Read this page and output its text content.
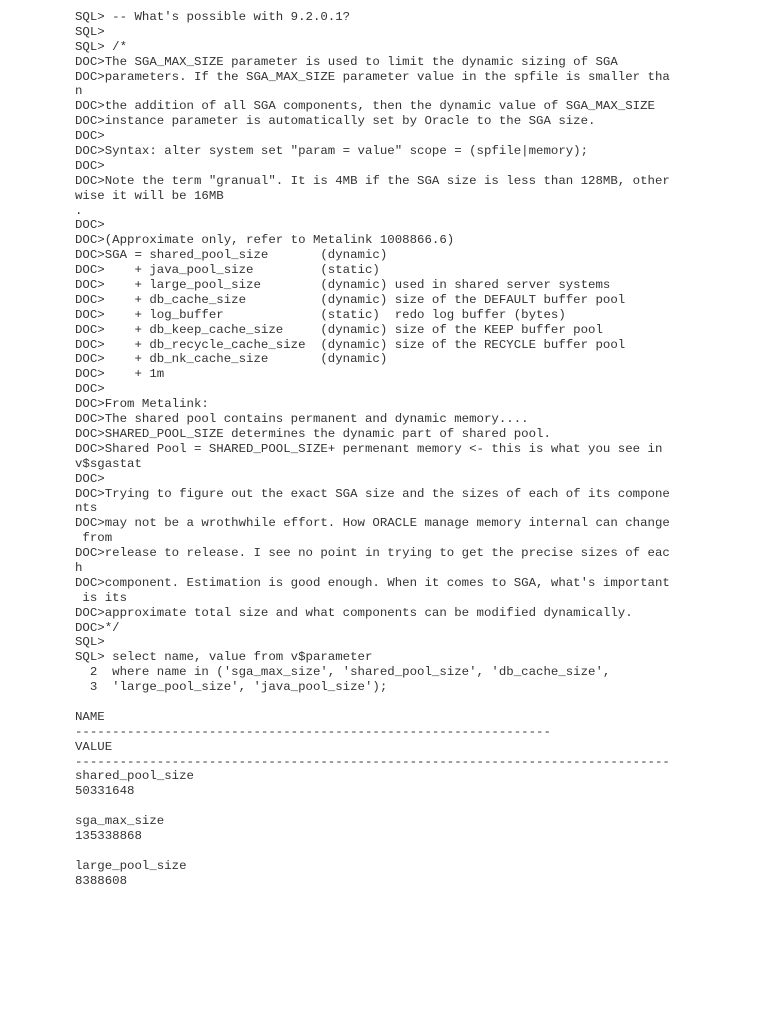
SQL> -- What's possible with 9.2.0.1?
SQL>
SQL> /*
DOC>The SGA_MAX_SIZE parameter is used to limit the dynamic sizing of SGA
DOC>parameters. If the SGA_MAX_SIZE parameter value in the spfile is smaller tha
n
DOC>the addition of all SGA components, then the dynamic value of SGA_MAX_SIZE
DOC>instance parameter is automatically set by Oracle to the SGA size.
DOC>
DOC>Syntax: alter system set "param = value" scope = (spfile|memory);
DOC>
DOC>Note the term "granual". It is 4MB if the SGA size is less than 128MB, other
wise it will be 16MB
.
DOC>
DOC>(Approximate only, refer to Metalink 1008866.6)
DOC>SGA = shared_pool_size       (dynamic)
DOC>    + java_pool_size         (static)
DOC>    + large_pool_size        (dynamic) used in shared server systems
DOC>    + db_cache_size          (dynamic) size of the DEFAULT buffer pool
DOC>    + log_buffer             (static)  redo log buffer (bytes)
DOC>    + db_keep_cache_size     (dynamic) size of the KEEP buffer pool
DOC>    + db_recycle_cache_size  (dynamic) size of the RECYCLE buffer pool
DOC>    + db_nk_cache_size       (dynamic)
DOC>    + 1m
DOC>
DOC>From Metalink:
DOC>The shared pool contains permanent and dynamic memory....
DOC>SHARED_POOL_SIZE determines the dynamic part of shared pool.
DOC>Shared Pool = SHARED_POOL_SIZE+ permenant memory <- this is what you see in
v$sgastat
DOC>
DOC>Trying to figure out the exact SGA size and the sizes of each of its compone
nts
DOC>may not be a wrothwhile effort. How ORACLE manage memory internal can change
from
DOC>release to release. I see no point in trying to get the precise sizes of eac
h
DOC>component. Estimation is good enough. When it comes to SGA, what's important
is its
DOC>approximate total size and what components can be modified dynamically.
DOC>*/
SQL>
SQL> select name, value from v$parameter
2  where name in ('sga_max_size', 'shared_pool_size', 'db_cache_size',
3  'large_pool_size', 'java_pool_size');
NAME
----------------------------------------------------------------
VALUE
--------------------------------------------------------------------------------
shared_pool_size
50331648
sga_max_size
135338868
large_pool_size
8388608
